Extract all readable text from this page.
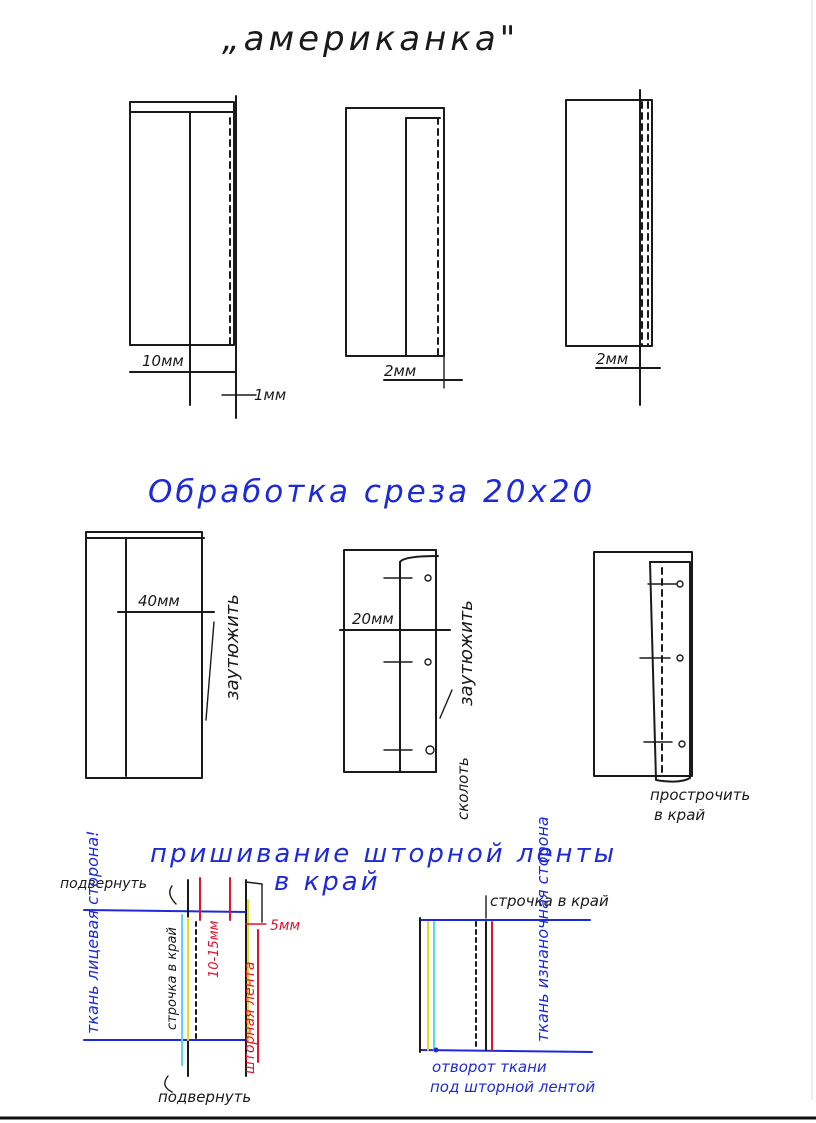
„американка"
10мм
1мм
2мм
2мм
Обработка среза 20х20
40мм заутюжить	20мм	заутюжить
сколоть	прострочить
в край
пришивание шторной ленты
в край
подвернуть
подвернуть
5мм
10-15мм
ткань лицевая сторона!	строчка в край	шторная лента
строчка в край
ткань изнаночная сторона
отворот ткани
под шторной лентой
